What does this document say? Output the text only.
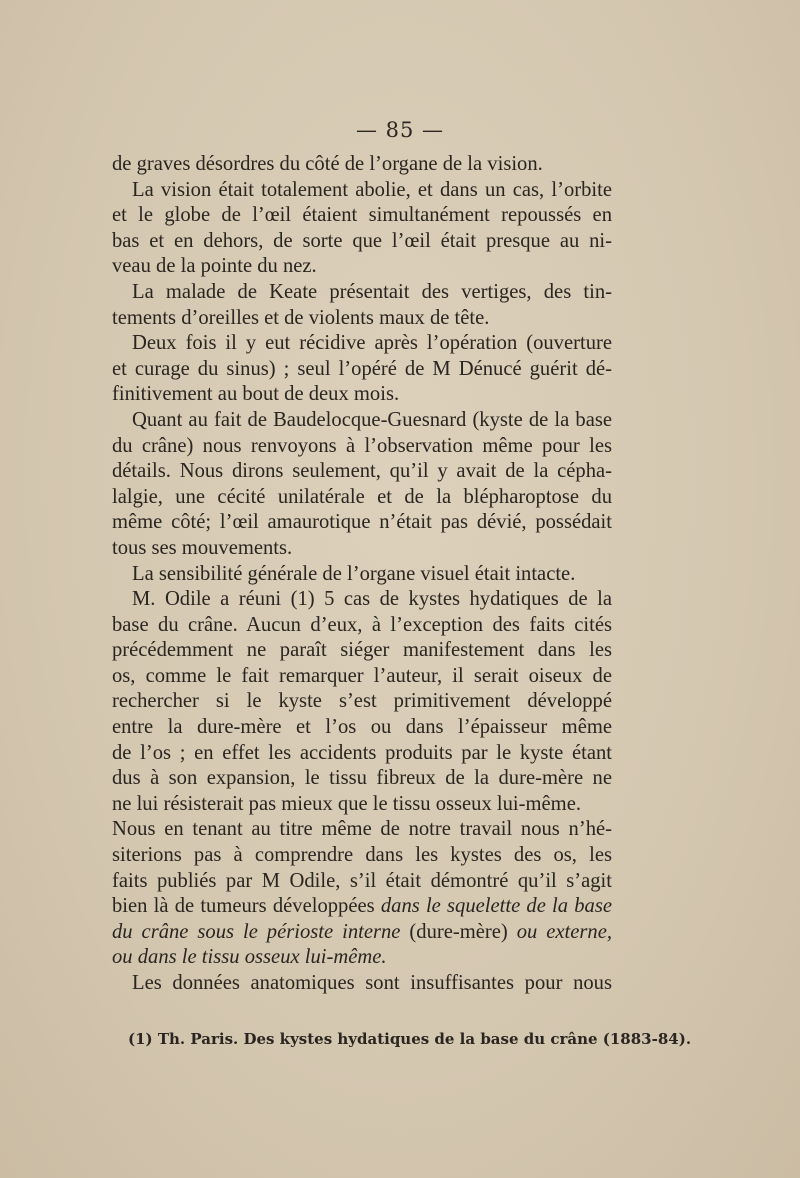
— 85 —
de graves désordres du côté de l’organe de la vision.
La vision était totalement abolie, et dans un cas, l’orbite
et le globe de l’œil étaient simultanément repoussés en
bas et en dehors, de sorte que l’œil était presque au ni-
veau de la pointe du nez.
La malade de Keate présentait des vertiges, des tin-
tements d’oreilles et de violents maux de tête.
Deux fois il y eut récidive après l’opération (ouverture
et curage du sinus) ; seul l’opéré de M Dénucé guérit dé-
finitivement au bout de deux mois.
Quant au fait de Baudelocque-Guesnard (kyste de la base
du crâne) nous renvoyons à l’observation même pour les
détails. Nous dirons seulement, qu’il y avait de la cépha-
lalgie, une cécité unilatérale et de la blépharoptose du
même côté; l’œil amaurotique n’était pas dévié, possédait
tous ses mouvements.
La sensibilité générale de l’organe visuel était intacte.
M. Odile a réuni (1) 5 cas de kystes hydatiques de la
base du crâne. Aucun d’eux, à l’exception des faits cités
précédemment ne paraît siéger manifestement dans les
os, comme le fait remarquer l’auteur, il serait oiseux de
rechercher si le kyste s’est primitivement développé
entre la dure-mère et l’os ou dans l’épaisseur même
de l’os ; en effet les accidents produits par le kyste étant
dus à son expansion, le tissu fibreux de la dure-mère ne
ne lui résisterait pas mieux que le tissu osseux lui-même.
Nous en tenant au titre même de notre travail nous n’hé-
siterions pas à comprendre dans les kystes des os, les
faits publiés par M Odile, s’il était démontré qu’il s’agit
bien là de tumeurs développées dans le squelette de la base
du crâne sous le périoste interne (dure-mère) ou externe,
ou dans le tissu osseux lui-même.
Les données anatomiques sont insuffisantes pour nous
(1) Th. Paris. Des kystes hydatiques de la base du crâne (1883-84).
